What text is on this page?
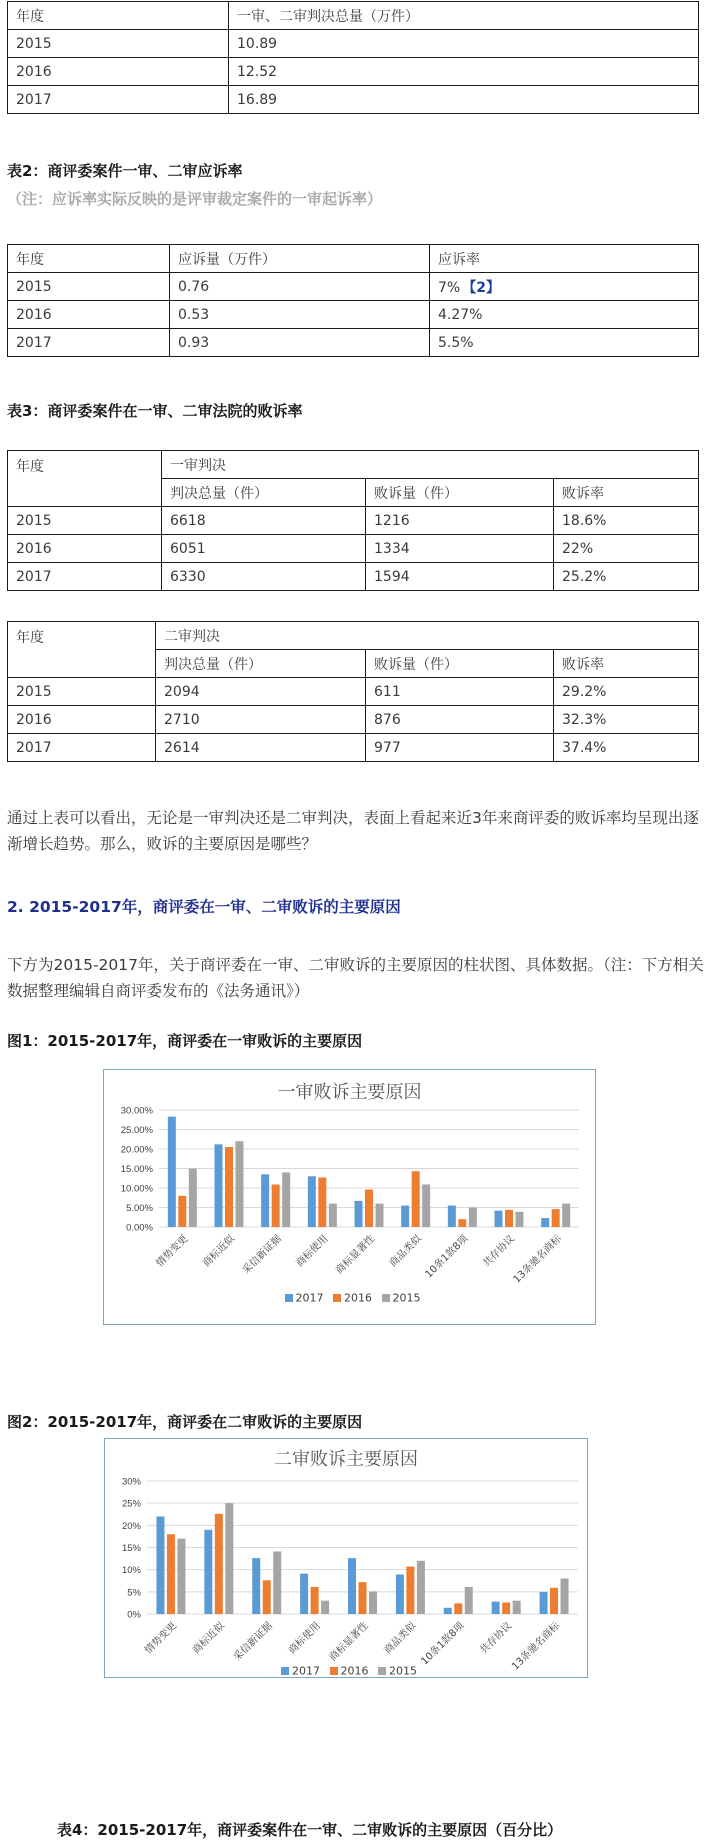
年度	一审、二审判决总量（万件）
2015	10.89
2016	12.52
2017	16.89
表2：商评委案件一审、二审应诉率
（注：应诉率实际反映的是评审裁定案件的一审起诉率）
年度	应诉量（万件）	应诉率
2015	0.76	7% 【2】
2016	0.53	4.27%
2017	0.93	5.5%
表3：商评委案件在一审、二审法院的败诉率
年度	一审判决		
	判决总量（件）	败诉量（件）	败诉率
2015	6618	1216	18.6%
2016	6051	1334	22%
2017	6330	1594	25.2%
年度	二审判决		
	判决总量（件）	败诉量（件）	败诉率
2015	2094	611	29.2%
2016	2710	876	32.3%
2017	2614	977	37.4%

通过上表可以看出，无论是一审判决还是二审判决，表面上看起来近3年来商评委的败诉率均呈现出逐渐增长趋势。那么，败诉的主要原因是哪些？

2. 2015-2017年，商评委在一审、二审败诉的主要原因

下方为2015-2017年，关于商评委在一审、二审败诉的主要原因的柱状图、具体数据。（注：下方相关数据整理编辑自商评委发布的《法务通讯》）

图1：2015-2017年，商评委在一审败诉的主要原因
一审败诉主要原因
0.00%
5.00%
10.00%
15.00%
20.00%
25.00%
30.00%
情势变更 商标近似 采信新证据 商标使用 商标显著性 商品类似 10条1款8项 共存协议
13条驰名商标
2017 2016 2015
图2：2015-2017年，商评委在二审败诉的主要原因
二审败诉主要原因
0%
5%
10%
15%
20%
25%
30%
情势变更 商标近似 采信新证据 商标使用 商标显著性 商品类似 10条1款8项 共存协议
13条驰名商标
2017 2016 2015
表4：2015-2017年，商评委案件在一审、二审败诉的主要原因（百分比）
